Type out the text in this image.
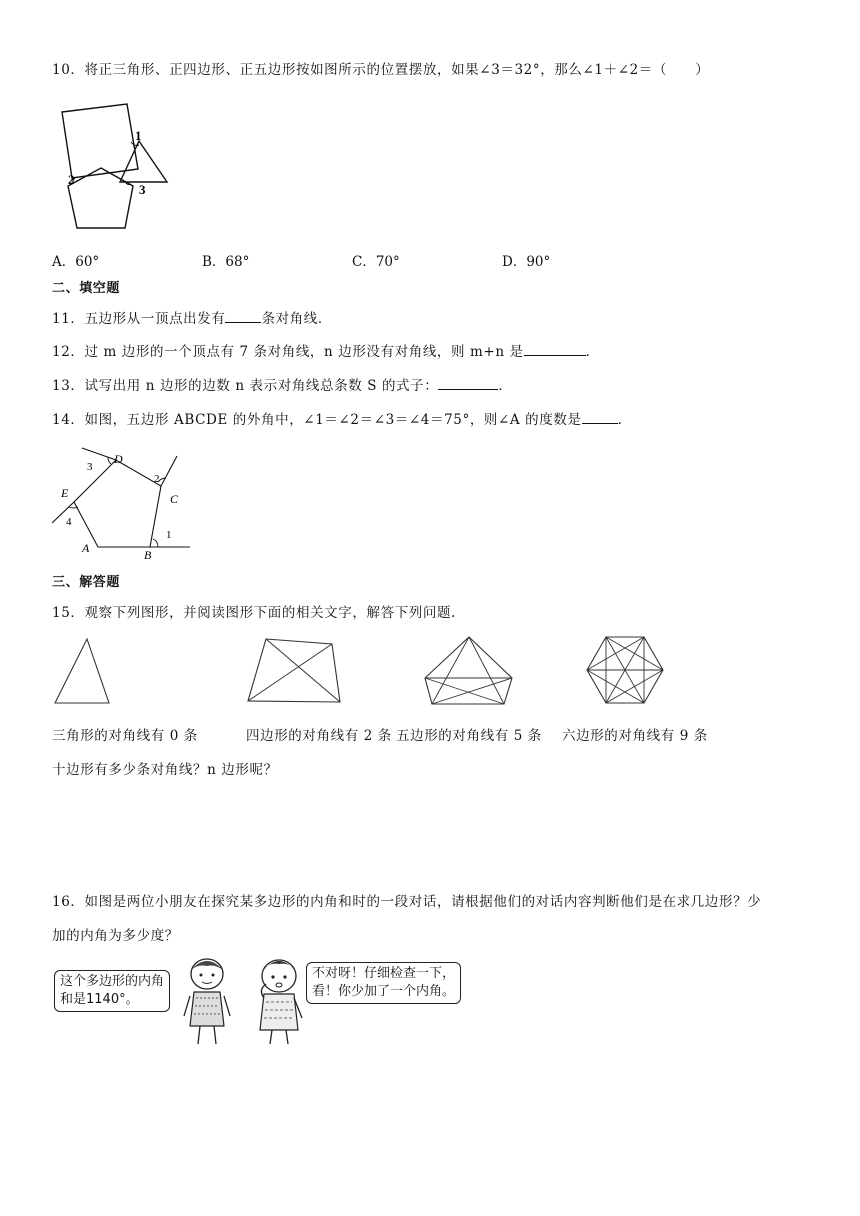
10．将正三角形、正四边形、正五边形按如图所示的位置摆放，如果∠3＝32°，那么∠1＋∠2＝（　　）
1
2
3
A．60°	B．68°	C．70°	D．90°
二、填空题
11．五边形从一顶点出发有	条对角线．
12．过 m 边形的一个顶点有 7 条对角线，n 边形没有对角线，则 m+n 是	．
13．试写出用 n 边形的边数 n 表示对角线总条数 S 的式子：	．
14．如图，五边形 ABCDE 的外角中，∠1＝∠2＝∠3＝∠4＝75°，则∠A 的度数是	．
D
C
E
A	B
1
2
3
4
三、解答题
15．观察下列图形，并阅读图形下面的相关文字，解答下列问题.
三角形的对角线有 0 条	四边形的对角线有 2 条 五边形的对角线有 5 条 六边形的对角线有 9 条
十边形有多少条对角线？n 边形呢？
16．如图是两位小朋友在探究某多边形的内角和时的一段对话，请根据他们的对话内容判断他们是在求几边形？少
加的内角为多少度？
这个多边形的内角
和是1140°。
不对呀！仔细检查一下，
看！你少加了一个内角。
